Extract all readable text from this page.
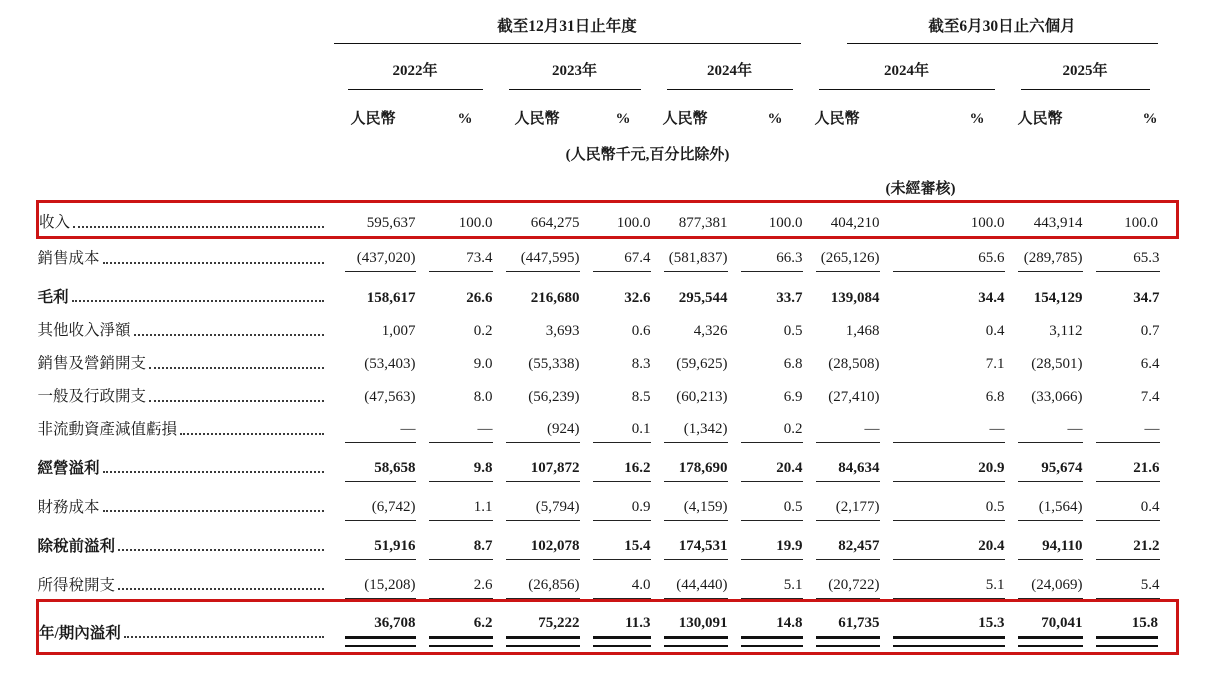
	截至12月31日止年度						截至6月30日止六個月			

	2022年		2023年		2024年		2024年		2025年	

	人民幣	%	人民幣	%	人民幣	%	人民幣	%	人民幣	%
			(人民幣千元,百分比除外)							
							(未經審核)			

收入	595,637	100.0	664,275	100.0	877,381	100.0	404,210	100.0	443,914	100.0

銷售成本	(437,020)	73.4	(447,595)	67.4	(581,837)	66.3	(265,126)	65.6	(289,785)	65.3

毛利	158,617	26.6	216,680	32.6	295,544	33.7	139,084	34.4	154,129	34.7

其他收入淨額	1,007	0.2	3,693	0.6	4,326	0.5	1,468	0.4	3,112	0.7

銷售及營銷開支	(53,403)	9.0	(55,338)	8.3	(59,625)	6.8	(28,508)	7.1	(28,501)	6.4

一般及行政開支	(47,563)	8.0	(56,239)	8.5	(60,213)	6.9	(27,410)	6.8	(33,066)	7.4

非流動資產減值虧損	—	—	(924)	0.1	(1,342)	0.2	—	—	—	—

經營溢利	58,658	9.8	107,872	16.2	178,690	20.4	84,634	20.9	95,674	21.6

財務成本	(6,742)	1.1	(5,794)	0.9	(4,159)	0.5	(2,177)	0.5	(1,564)	0.4

除稅前溢利	51,916	8.7	102,078	15.4	174,531	19.9	82,457	20.4	94,110	21.2

所得稅開支	(15,208)	2.6	(26,856)	4.0	(44,440)	5.1	(20,722)	5.1	(24,069)	5.4

年/期內溢利	36,708	6.2	75,222	11.3	130,091	14.8	61,735	15.3	70,041	15.8
